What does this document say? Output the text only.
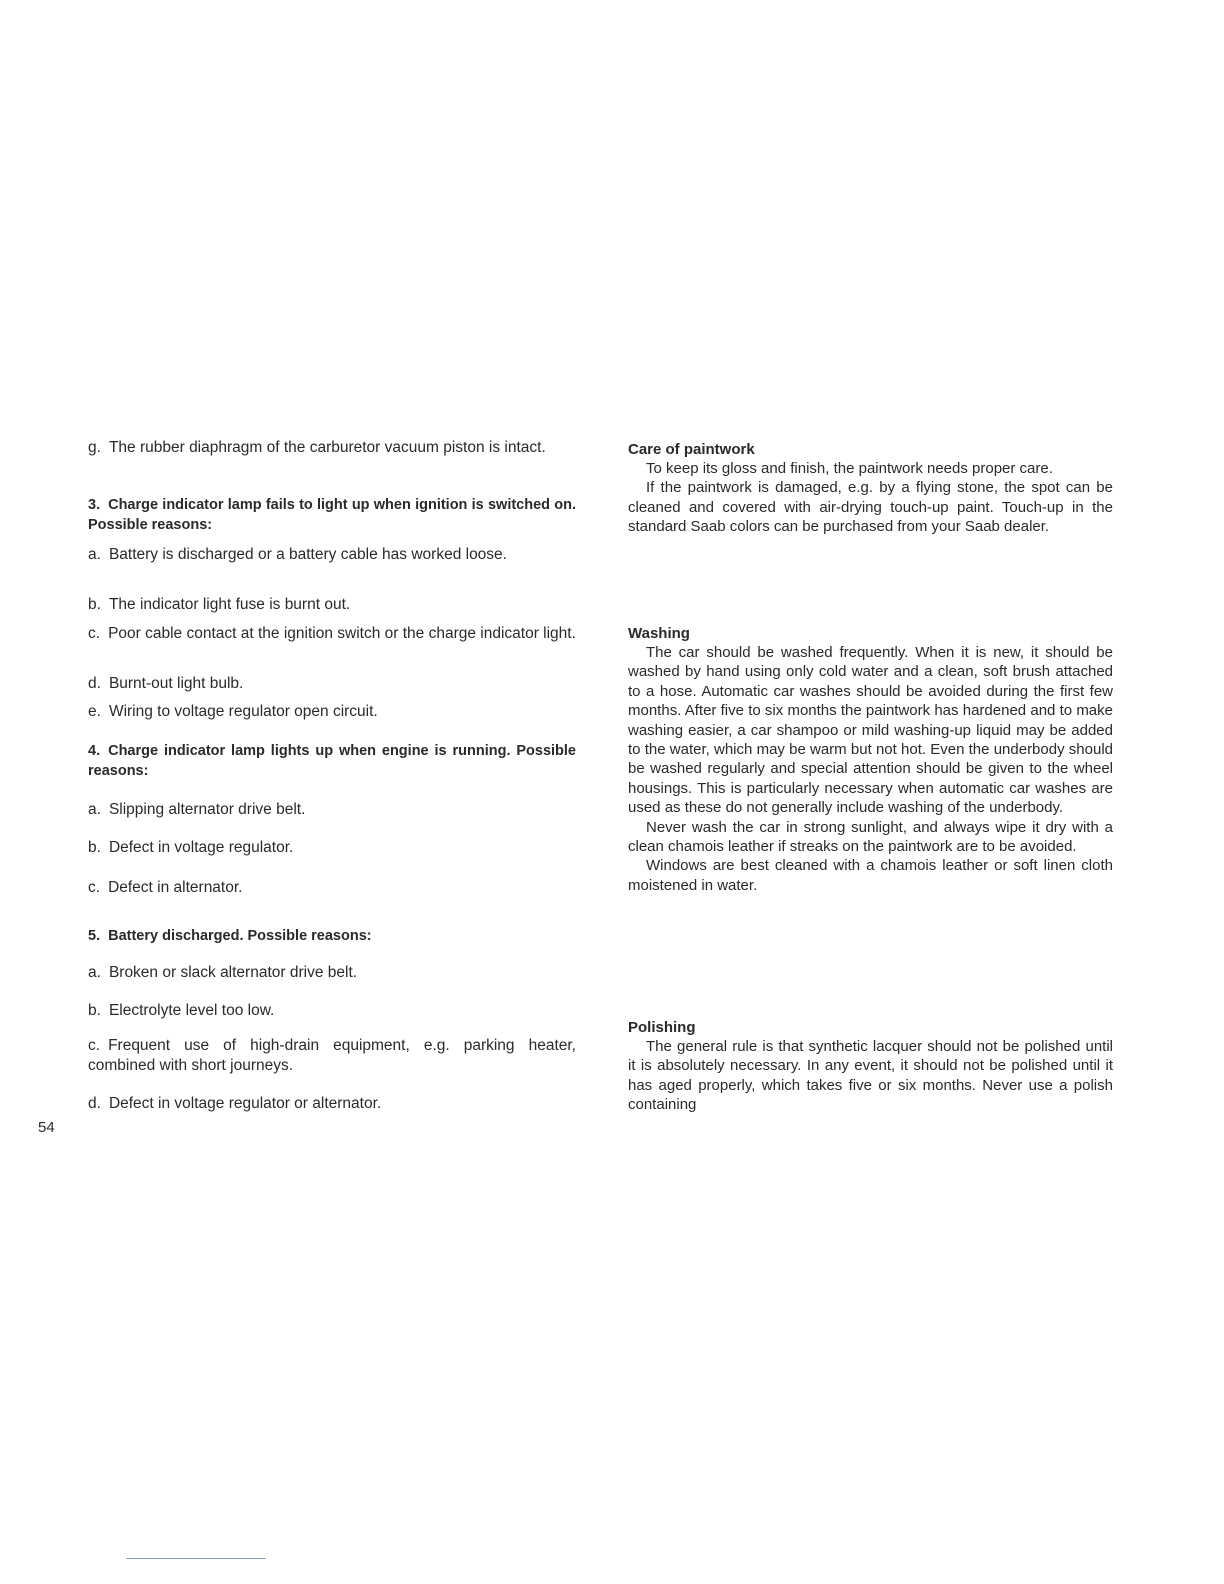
g. The rubber diaphragm of the carburetor vacuum piston is intact.
3. Charge indicator lamp fails to light up when ignition is switched on. Possible reasons:
a. Battery is discharged or a battery cable has worked loose.
b. The indicator light fuse is burnt out.
c. Poor cable contact at the ignition switch or the charge indicator light.
d. Burnt-out light bulb.
e. Wiring to voltage regulator open circuit.
4. Charge indicator lamp lights up when engine is running. Possible reasons:
a. Slipping alternator drive belt.
b. Defect in voltage regulator.
c. Defect in alternator.
5. Battery discharged. Possible reasons:
a. Broken or slack alternator drive belt.
b. Electrolyte level too low.
c. Frequent use of high-drain equipment, e.g. parking heater, combined with short journeys.
d. Defect in voltage regulator or alternator.
Care of paintwork

To keep its gloss and finish, the paintwork needs proper care.

If the paintwork is damaged, e.g. by a flying stone, the spot can be cleaned and covered with air-drying touch-up paint. Touch-up in the standard Saab colors can be purchased from your Saab dealer.

Washing

The car should be washed frequently. When it is new, it should be washed by hand using only cold water and a clean, soft brush attached to a hose. Automatic car washes should be avoided during the first few months. After five to six months the paintwork has hardened and to make washing easier, a car shampoo or mild washing-up liquid may be added to the water, which may be warm but not hot. Even the underbody should be washed regularly and special attention should be given to the wheel housings. This is particularly necessary when automatic car washes are used as these do not generally include washing of the underbody.

Never wash the car in strong sunlight, and always wipe it dry with a clean chamois leather if streaks on the paintwork are to be avoided.

Windows are best cleaned with a chamois leather or soft linen cloth moistened in water.

Polishing

The general rule is that synthetic lacquer should not be polished until it is absolutely necessary. In any event, it should not be polished until it has aged properly, which takes five or six months. Never use a polish containing

54
